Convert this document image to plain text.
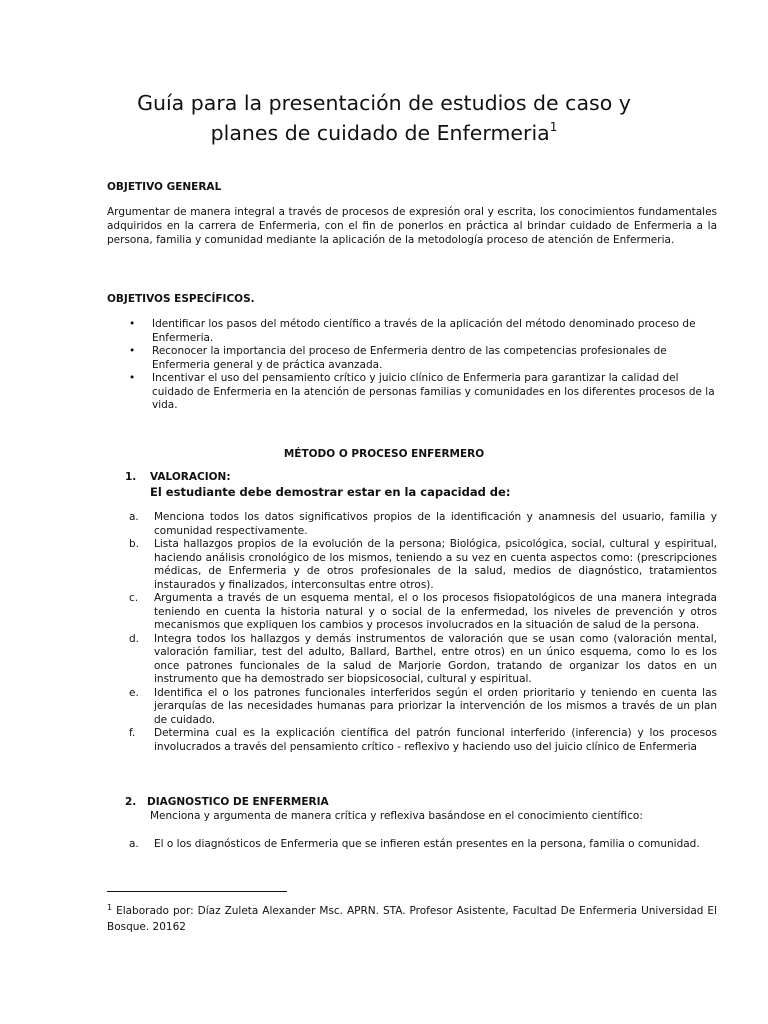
Guía para la presentación de estudios de caso y
planes de cuidado de Enfermeria$^1$
OBJETIVO GENERAL

Argumentar de manera integral a través de procesos de expresión oral y escrita, los conocimientos fundamentales adquiridos en la carrera de Enfermeria, con el fin de ponerlos en práctica al brindar cuidado de Enfermeria a la persona, familia y comunidad mediante la aplicación de la metodología proceso de atención de Enfermeria.

OBJETIVOS ESPECÍFICOS.
• Identificar los pasos del método científico a través de la aplicación del método denominado proceso de Enfermeria.
• Reconocer la importancia del proceso de Enfermeria dentro de las competencias profesionales de Enfermeria general y de práctica avanzada.
• Incentivar el uso del pensamiento crítico y juicio clínico de Enfermeria para garantizar la calidad del cuidado de Enfermeria en la atención de personas familias y comunidades en los diferentes procesos de la vida.
MÉTODO O PROCESO ENFERMERO
1. VALORACION:

El estudiante debe demostrar estar en la capacidad de:

a. Menciona todos los datos significativos propios de la identificación y anamnesis del usuario, familia y comunidad respectivamente.
b. Lista hallazgos propios de la evolución de la persona; Biológica, psicológica, social, cultural y espiritual, haciendo análisis cronológico de los mismos, teniendo a su vez en cuenta aspectos como: (prescripciones médicas, de Enfermeria y de otros profesionales de la salud, medios de diagnóstico, tratamientos instaurados y finalizados, interconsultas entre otros).
c. Argumenta a través de un esquema mental, el o los procesos fisiopatológicos de una manera integrada teniendo en cuenta la historia natural y o social de la enfermedad, los niveles de prevención y otros mecanismos que expliquen los cambios y procesos involucrados en la situación de salud de la persona.
d. Integra todos los hallazgos y demás instrumentos de valoración que se usan como (valoración mental, valoración familiar, test del adulto, Ballard, Barthel, entre otros) en un único esquema, como lo es los once patrones funcionales de la salud de Marjorie Gordon, tratando de organizar los datos en un instrumento que ha demostrado ser biopsicosocial, cultural y espiritual.
e. Identifica el o los patrones funcionales interferidos según el orden prioritario y teniendo en cuenta las jerarquías de las necesidades humanas para priorizar la intervención de los mismos a través de un plan de cuidado.
f. Determina cual es la explicación científica del patrón funcional interferido (inferencia) y los procesos involucrados a través del pensamiento crítico - reflexivo y haciendo uso del juicio clínico de Enfermeria
2. DIAGNOSTICO DE ENFERMERIA

Menciona y argumenta de manera crítica y reflexiva basándose en el conocimiento científico:

a. El o los diagnósticos de Enfermeria que se infieren están presentes en la persona, familia o comunidad.

$^1$ Elaborado por: Díaz Zuleta Alexander Msc. APRN. STA. Profesor Asistente, Facultad De Enfermeria Universidad El Bosque. 20162
